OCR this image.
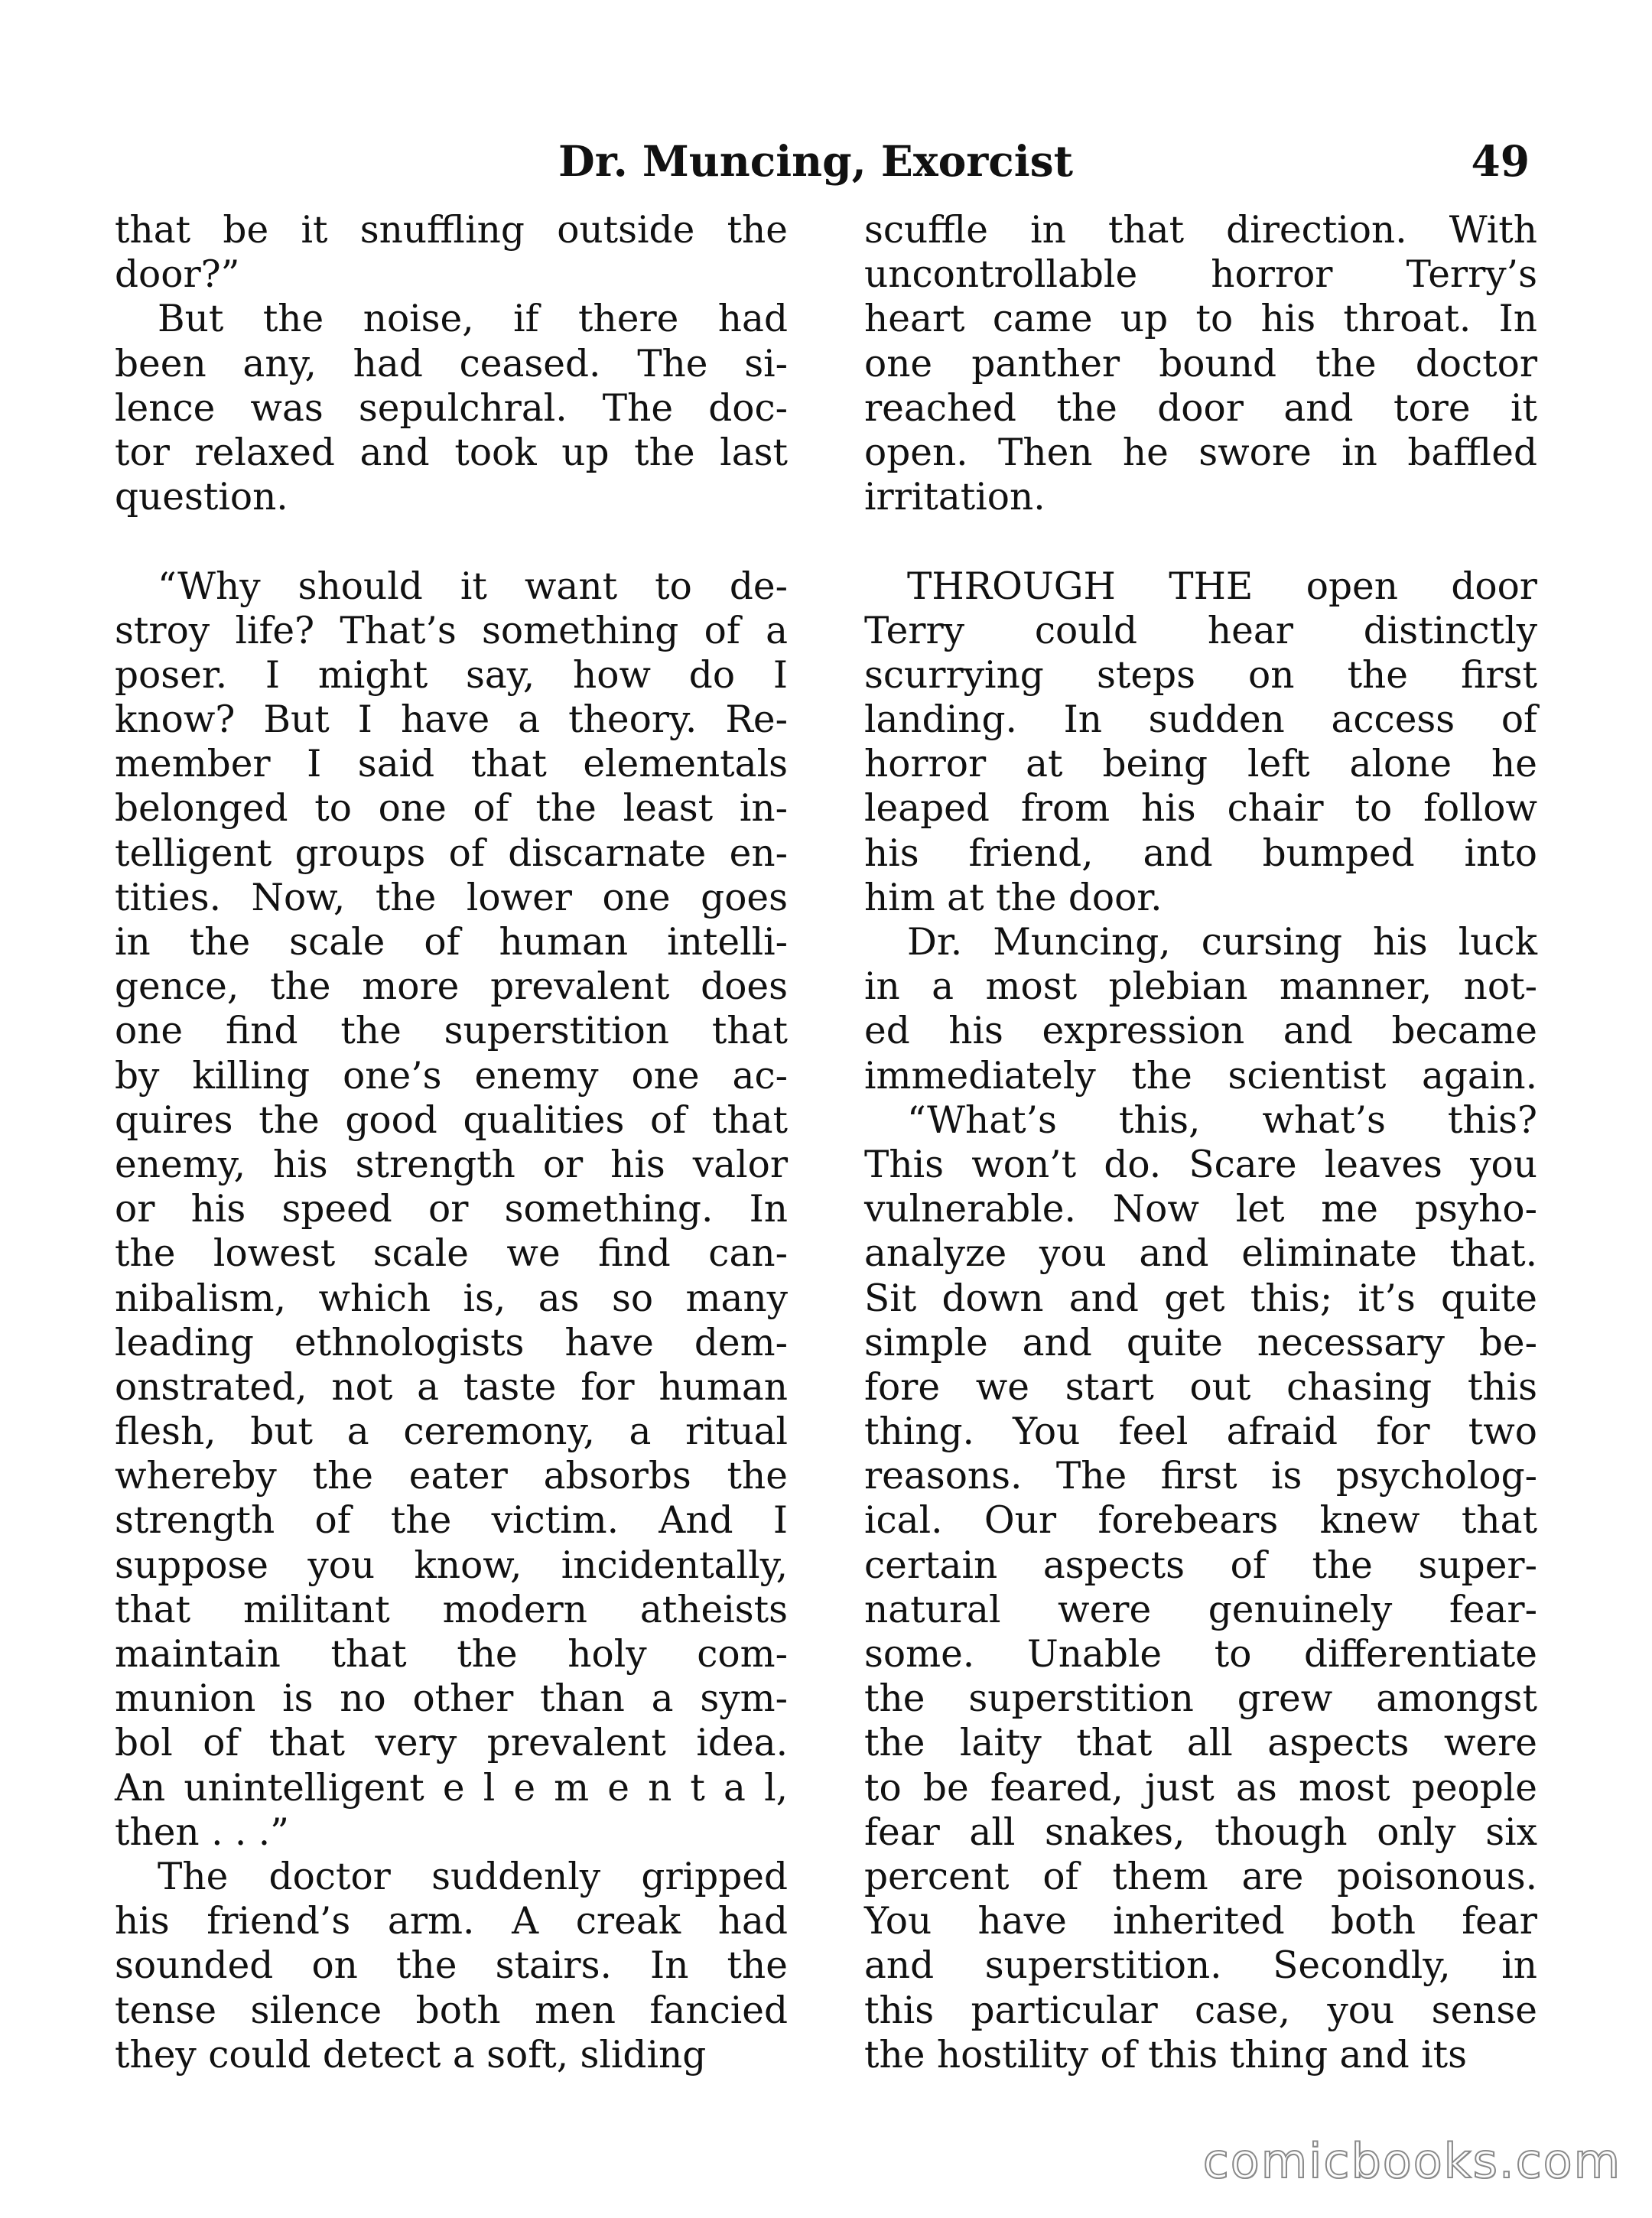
Dr. Muncing, Exorcist	49
that be it snuffling outside the
door?”
But the noise, if there had
been any, had ceased. The si-
lence was sepulchral. The doc-
tor relaxed and took up the last
question.
“Why should it want to de-
stroy life? That’s something of a
poser. I might say, how do I
know? But I have a theory. Re-
member I said that elementals
belonged to one of the least in-
telligent groups of discarnate en-
tities. Now, the lower one goes
in the scale of human intelli-
gence, the more prevalent does
one find the superstition that
by killing one’s enemy one ac-
quires the good qualities of that
enemy, his strength or his valor
or his speed or something. In
the lowest scale we find can-
nibalism, which is, as so many
leading ethnologists have dem-
onstrated, not a taste for human
flesh, but a ceremony, a ritual
whereby the eater absorbs the
strength of the victim. And I
suppose you know, incidentally,
that militant modern atheists
maintain that the holy com-
munion is no other than a sym-
bol of that very prevalent idea.
An unintelligent e l e m e n t a l,
then . . .”
The doctor suddenly gripped
his friend’s arm. A creak had
sounded on the stairs. In the
tense silence both men fancied
they could detect a soft, sliding
scuffle in that direction. With
uncontrollable horror Terry’s
heart came up to his throat. In
one panther bound the doctor
reached the door and tore it
open. Then he swore in baffled
irritation.
THROUGH THE open door
Terry could hear distinctly
scurrying steps on the first
landing. In sudden access of
horror at being left alone he
leaped from his chair to follow
his friend, and bumped into
him at the door.
Dr. Muncing, cursing his luck
in a most plebian manner, not-
ed his expression and became
immediately the scientist again.
“What’s this, what’s this?
This won’t do. Scare leaves you
vulnerable. Now let me psyho-
analyze you and eliminate that.
Sit down and get this; it’s quite
simple and quite necessary be-
fore we start out chasing this
thing. You feel afraid for two
reasons. The first is psycholog-
ical. Our forebears knew that
certain aspects of the super-
natural were genuinely fear-
some. Unable to differentiate
the superstition grew amongst
the laity that all aspects were
to be feared, just as most people
fear all snakes, though only six
percent of them are poisonous.
You have inherited both fear
and superstition. Secondly, in
this particular case, you sense
the hostility of this thing and its
comicbooks.com
